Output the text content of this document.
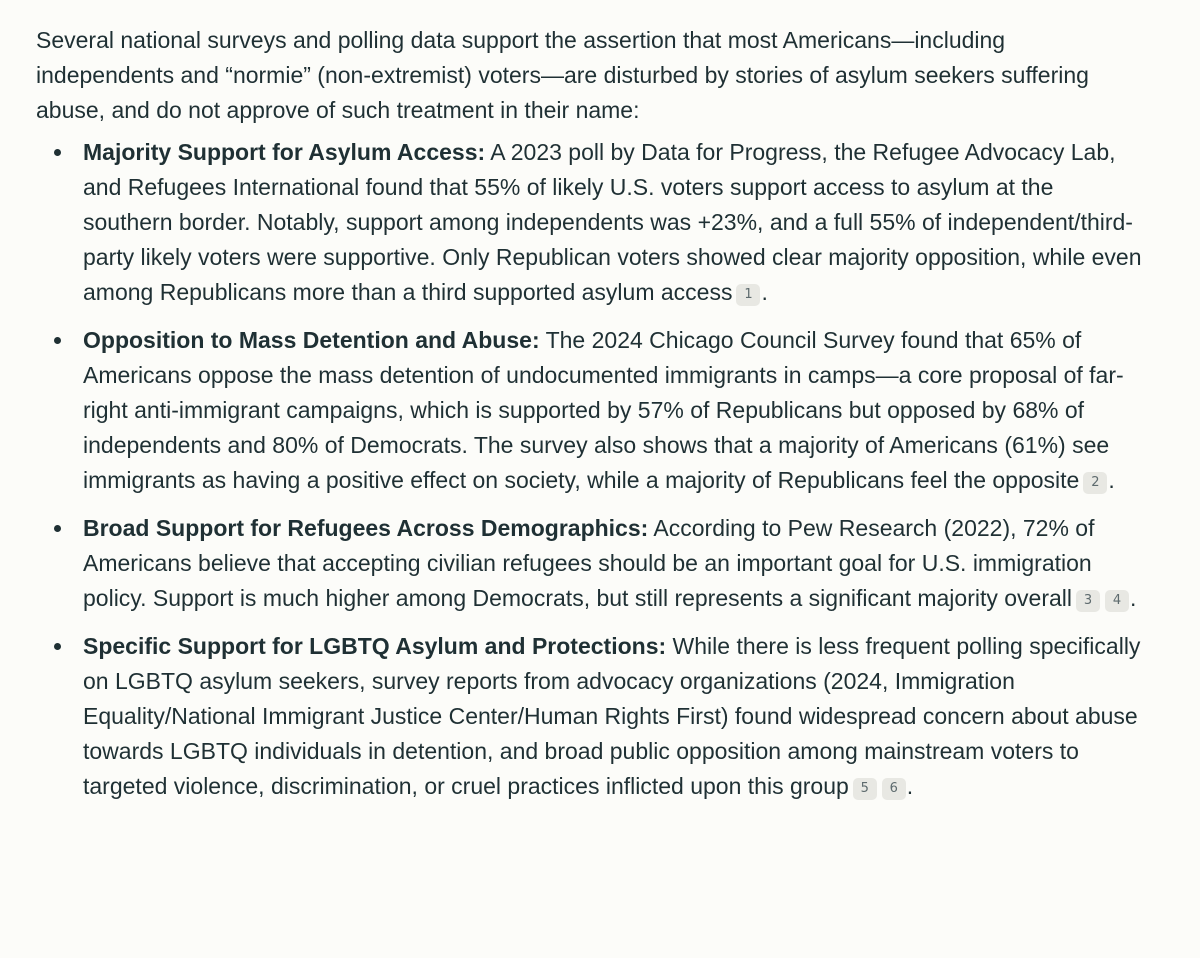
Several national surveys and polling data support the assertion that most Americans—including independents and “normie” (non-extremist) voters—are disturbed by stories of asylum seekers suffering abuse, and do not approve of such treatment in their name:

Majority Support for Asylum Access: A 2023 poll by Data for Progress, the Refugee Advocacy Lab, and Refugees International found that 55% of likely U.S. voters support access to asylum at the southern border. Notably, support among independents was +23%, and a full 55% of independent/third-party likely voters were supportive. Only Republican voters showed clear majority opposition, while even among Republicans more than a third supported asylum access 1 .
Opposition to Mass Detention and Abuse: The 2024 Chicago Council Survey found that 65% of Americans oppose the mass detention of undocumented immigrants in camps—a core proposal of far-right anti-immigrant campaigns, which is supported by 57% of Republicans but opposed by 68% of independents and 80% of Democrats. The survey also shows that a majority of Americans (61%) see immigrants as having a positive effect on society, while a majority of Republicans feel the opposite 2 .
Broad Support for Refugees Across Demographics: According to Pew Research (2022), 72% of Americans believe that accepting civilian refugees should be an important goal for U.S. immigration policy. Support is much higher among Democrats, but still represents a significant majority overall 3 4 .
Specific Support for LGBTQ Asylum and Protections: While there is less frequent polling specifically on LGBTQ asylum seekers, survey reports from advocacy organizations (2024, Immigration Equality/National Immigrant Justice Center/Human Rights First) found widespread concern about abuse towards LGBTQ individuals in detention, and broad public opposition among mainstream voters to targeted violence, discrimination, or cruel practices inflicted upon this group 5 6 .
